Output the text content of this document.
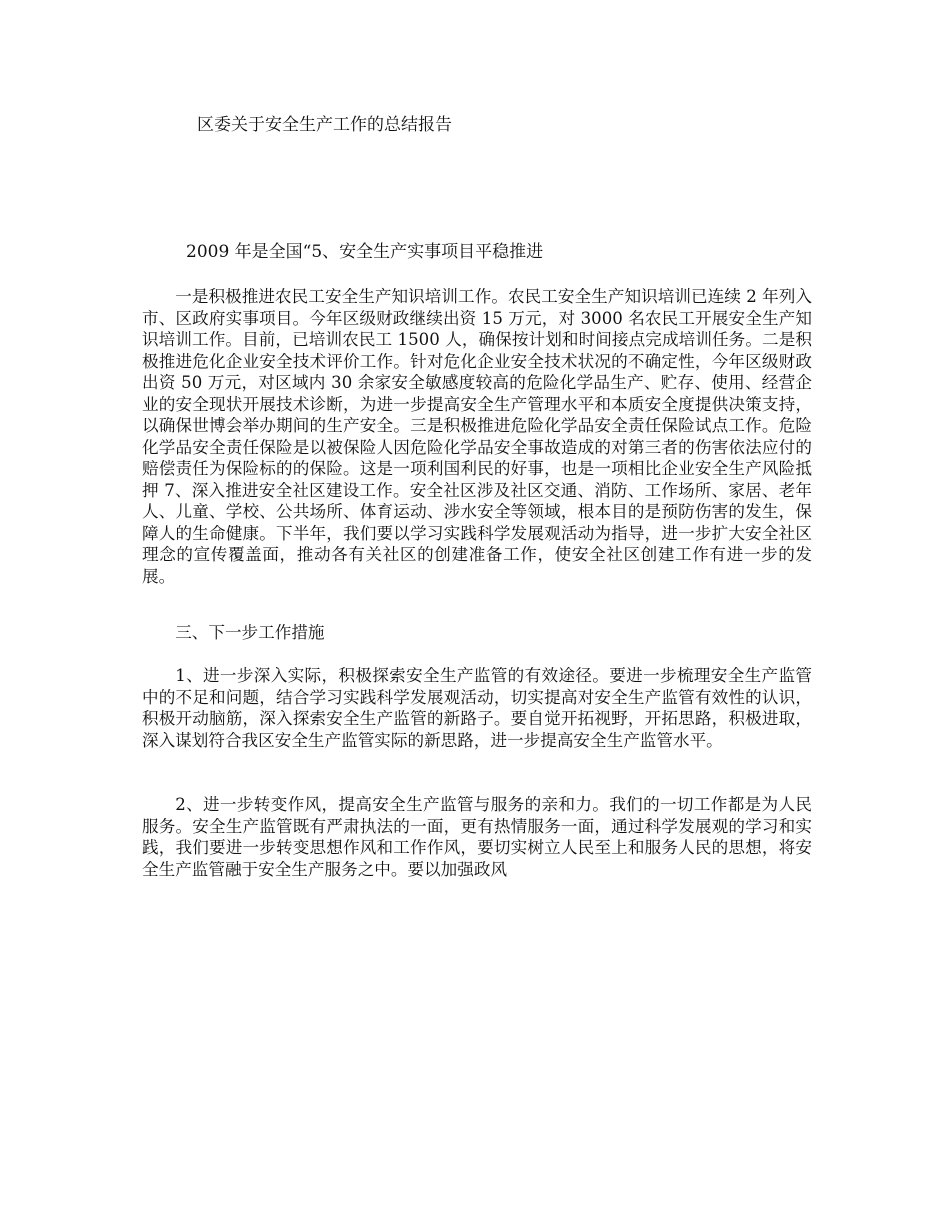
区委关于安全生产工作的总结报告
2009 年是全国“5、安全生产实事项目平稳推进

一是积极推进农民工安全生产知识培训工作。农民工安全生产知识培训已连续 2 年列入市、区政府实事项目。今年区级财政继续出资 15 万元，对 3000 名农民工开展安全生产知识培训工作。目前，已培训农民工 1500 人，确保按计划和时间接点完成培训任务。二是积极推进危化企业安全技术评价工作。针对危化企业安全技术状况的不确定性，今年区级财政出资 50 万元，对区域内 30 余家安全敏感度较高的危险化学品生产、贮存、使用、经营企业的安全现状开展技术诊断，为进一步提高安全生产管理水平和本质安全度提供决策支持，以确保世博会举办期间的生产安全。三是积极推进危险化学品安全责任保险试点工作。危险化学品安全责任保险是以被保险人因危险化学品安全事故造成的对第三者的伤害依法应付的赔偿责任为保险标的的保险。这是一项利国利民的好事，也是一项相比企业安全生产风险抵押 7、深入推进安全社区建设工作。安全社区涉及社区交通、消防、工作场所、家居、老年人、儿童、学校、公共场所、体育运动、涉水安全等领域，根本目的是预防伤害的发生，保障人的生命健康。下半年，我们要以学习实践科学发展观活动为指导，进一步扩大安全社区理念的宣传覆盖面，推动各有关社区的创建准备工作，使安全社区创建工作有进一步的发展。

三、下一步工作措施

1、进一步深入实际，积极探索安全生产监管的有效途径。要进一步梳理安全生产监管中的不足和问题，结合学习实践科学发展观活动，切实提高对安全生产监管有效性的认识，积极开动脑筋，深入探索安全生产监管的新路子。要自觉开拓视野，开拓思路，积极进取，深入谋划符合我区安全生产监管实际的新思路，进一步提高安全生产监管水平。

2、进一步转变作风，提高安全生产监管与服务的亲和力。我们的一切工作都是为人民服务。安全生产监管既有严肃执法的一面，更有热情服务一面，通过科学发展观的学习和实践，我们要进一步转变思想作风和工作作风，要切实树立人民至上和服务人民的思想，将安全生产监管融于安全生产服务之中。要以加强政风
